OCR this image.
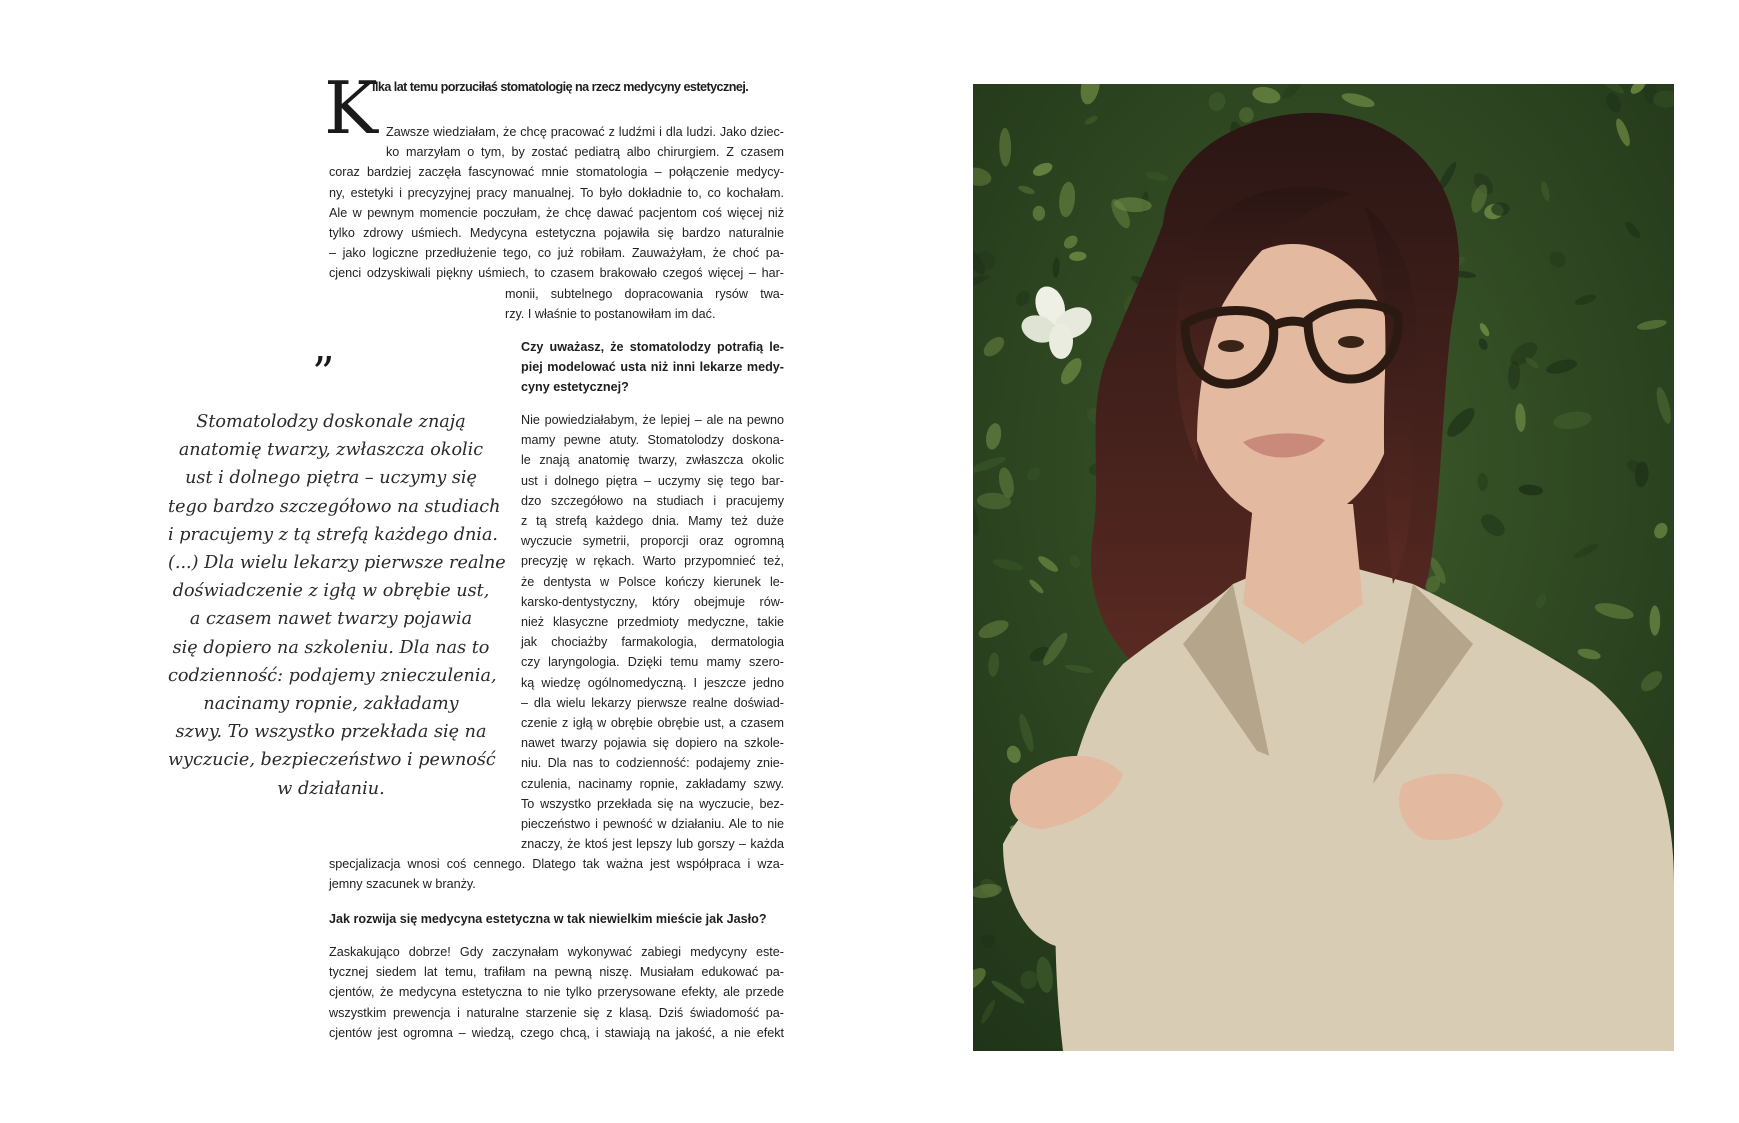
K
ilka lat temu porzuciłaś stomatologię na rzecz medycyny estetycznej.
Zawsze wiedziałam, że chcę pracować z ludźmi i dla ludzi. Jako dziec-
ko marzyłam o tym, by zostać pediatrą albo chirurgiem. Z czasem
coraz bardziej zaczęła fascynować mnie stomatologia – połączenie medycy-
ny, estetyki i precyzyjnej pracy manualnej. To było dokładnie to, co kochałam.
Ale w pewnym momencie poczułam, że chcę dawać pacjentom coś więcej niż
tylko zdrowy uśmiech. Medycyna estetyczna pojawiła się bardzo naturalnie
– jako logiczne przedłużenie tego, co już robiłam. Zauważyłam, że choć pa-
cjenci odzyskiwali piękny uśmiech, to czasem brakowało czegoś więcej – har-
monii, subtelnego dopracowania rysów twa-
rzy. I właśnie to postanowiłam im dać.
Czy uważasz, że stomatolodzy potrafią le-
piej modelować usta niż inni lekarze medy-
cyny estetycznej?
Nie powiedziałabym, że lepiej – ale na pewno
mamy pewne atuty. Stomatolodzy doskona-
le znają anatomię twarzy, zwłaszcza okolic
ust i dolnego piętra – uczymy się tego bar-
dzo szczegółowo na studiach i pracujemy
z tą strefą każdego dnia. Mamy też duże
wyczucie symetrii, proporcji oraz ogromną
precyzję w rękach. Warto przypomnieć też,
że dentysta w Polsce kończy kierunek le-
karsko-dentystyczny, który obejmuje rów-
nież klasyczne przedmioty medyczne, takie
jak chociażby farmakologia, dermatologia
czy laryngologia. Dzięki temu mamy szero-
ką wiedzę ogólnomedyczną. I jeszcze jedno
– dla wielu lekarzy pierwsze realne doświad-
czenie z igłą w obrębie obrębie ust, a czasem
nawet twarzy pojawia się dopiero na szkole-
niu. Dla nas to codzienność: podajemy znie-
czulenia, nacinamy ropnie, zakładamy szwy.
To wszystko przekłada się na wyczucie, bez-
pieczeństwo i pewność w działaniu. Ale to nie
znaczy, że ktoś jest lepszy lub gorszy – każda
specjalizacja wnosi coś cennego. Dlatego tak ważna jest współpraca i wza-
jemny szacunek w branży.
Jak rozwija się medycyna estetyczna w tak niewielkim mieście jak Jasło?
Zaskakująco dobrze! Gdy zaczynałam wykonywać zabiegi medycyny este-
tycznej siedem lat temu, trafiłam na pewną niszę. Musiałam edukować pa-
cjentów, że medycyna estetyczna to nie tylko przerysowane efekty, ale przede
wszystkim prewencja i naturalne starzenie się z klasą. Dziś świadomość pa-
cjentów jest ogromna – wiedzą, czego chcą, i stawiają na jakość, a nie efekt
”
Stomatolodzy doskonale znają
anatomię twarzy, zwłaszcza okolic
ust i dolnego piętra – uczymy się
tego bardzo szczegółowo na studiach
i pracujemy z tą strefą każdego dnia.
(...) Dla wielu lekarzy pierwsze realne
doświadczenie z igłą w obrębie ust,
a czasem nawet twarzy pojawia
się dopiero na szkoleniu. Dla nas to
codzienność: podajemy znieczulenia,
nacinamy ropnie, zakładamy
szwy. To wszystko przekłada się na
wyczucie, bezpieczeństwo i pewność
w działaniu.
